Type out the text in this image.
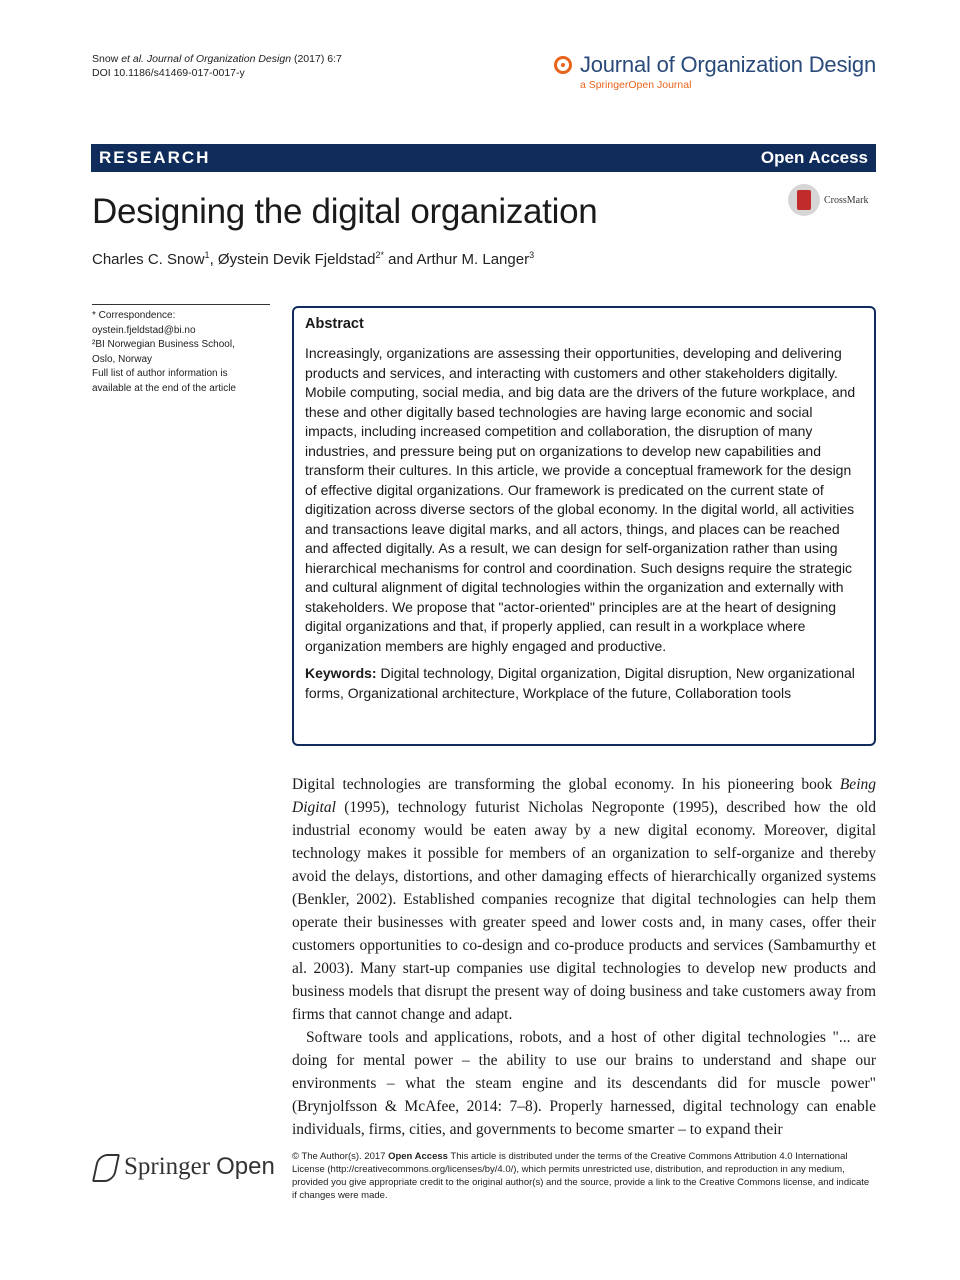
Snow et al. Journal of Organization Design (2017) 6:7
DOI 10.1186/s41469-017-0017-y	Journal of Organization Design
a SpringerOpen Journal
RESEARCH	Open Access
Designing the digital organization	CrossMark
Charles C. Snow$^1$, Øystein Devik Fjeldstad$^{2*}$ and Arthur M. Langer$^3$
* Correspondence:
oystein.fjeldstad@bi.no
²BI Norwegian Business School,
Oslo, Norway
Full list of author information is
available at the end of the article
Abstract
Increasingly, organizations are assessing their opportunities, developing and delivering products and services, and interacting with customers and other stakeholders digitally. Mobile computing, social media, and big data are the drivers of the future workplace, and these and other digitally based technologies are having large economic and social impacts, including increased competition and collaboration, the disruption of many industries, and pressure being put on organizations to develop new capabilities and transform their cultures. In this article, we provide a conceptual framework for the design of effective digital organizations. Our framework is predicated on the current state of digitization across diverse sectors of the global economy. In the digital world, all activities and transactions leave digital marks, and all actors, things, and places can be reached and affected digitally. As a result, we can design for self-organization rather than using hierarchical mechanisms for control and coordination. Such designs require the strategic and cultural alignment of digital technologies within the organization and externally with stakeholders. We propose that "actor-oriented" principles are at the heart of designing digital organizations and that, if properly applied, can result in a workplace where organization members are highly engaged and productive.
Keywords: Digital technology, Digital organization, Digital disruption, New organizational forms, Organizational architecture, Workplace of the future, Collaboration tools

Digital technologies are transforming the global economy. In his pioneering book Being Digital (1995), technology futurist Nicholas Negroponte (1995), described how the old industrial economy would be eaten away by a new digital economy. Moreover, digital technology makes it possible for members of an organization to self-organize and thereby avoid the delays, distortions, and other damaging effects of hierarchically organized systems (Benkler, 2002). Established companies recognize that digital technologies can help them operate their businesses with greater speed and lower costs and, in many cases, offer their customers opportunities to co-design and co-produce products and services (Sambamurthy et al. 2003). Many start-up companies use digital technologies to develop new products and business models that disrupt the present way of doing business and take customers away from firms that cannot change and adapt.

Software tools and applications, robots, and a host of other digital technologies "... are doing for mental power – the ability to use our brains to understand and shape our environments – what the steam engine and its descendants did for muscle power" (Brynjolfsson & McAfee, 2014: 7–8). Properly harnessed, digital technology can enable individuals, firms, cities, and governments to become smarter – to expand their

Springer Open © The Author(s). 2017 Open Access This article is distributed under the terms of the Creative Commons Attribution 4.0 International License (http://creativecommons.org/licenses/by/4.0/), which permits unrestricted use, distribution, and reproduction in any medium, provided you give appropriate credit to the original author(s) and the source, provide a link to the Creative Commons license, and indicate if changes were made.
